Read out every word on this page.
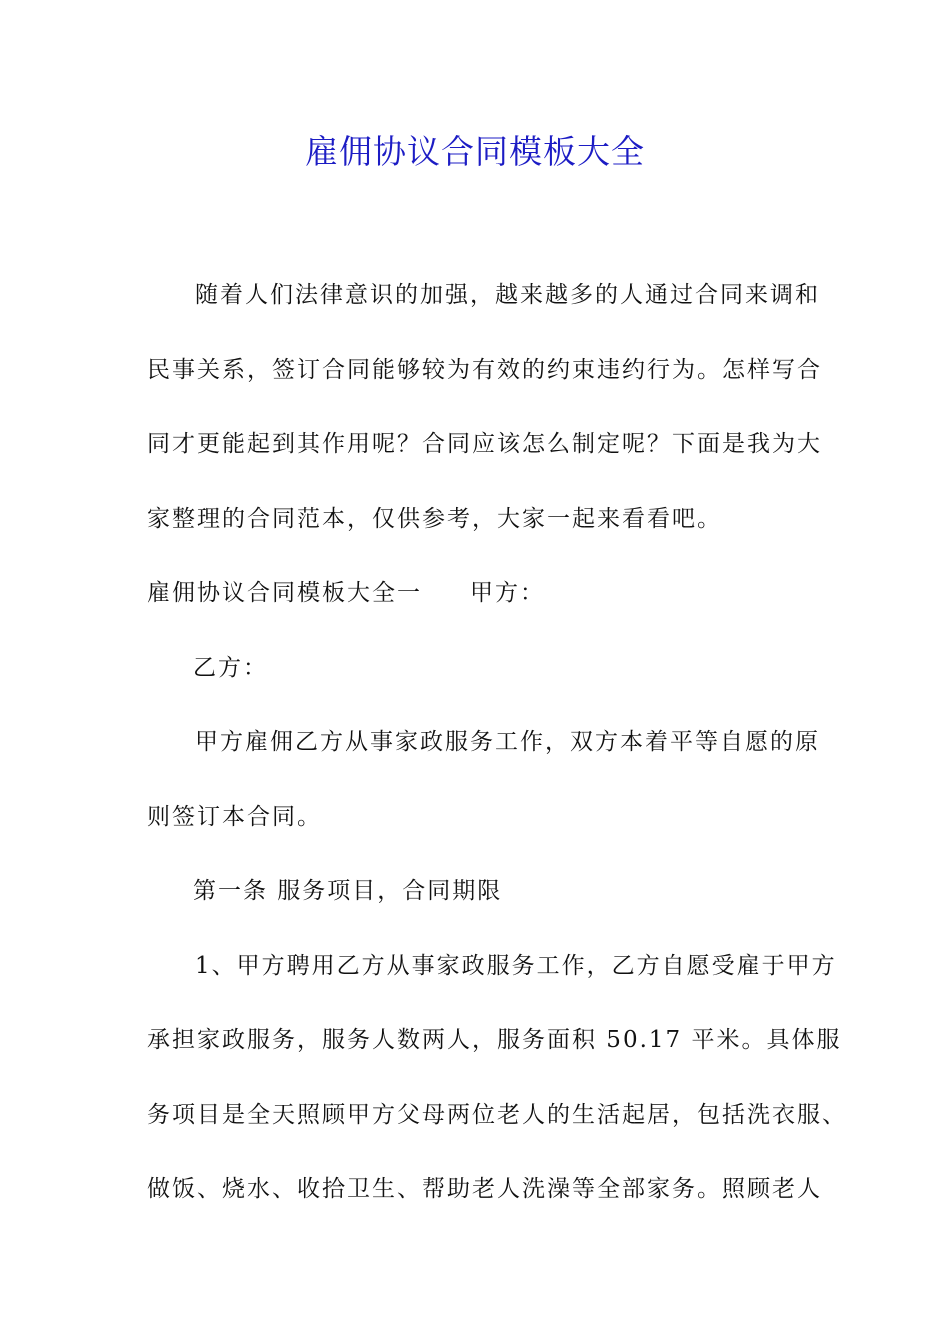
雇佣协议合同模板大全
随着人们法律意识的加强，越来越多的人通过合同来调和
民事关系，签订合同能够较为有效的约束违约行为。怎样写合
同才更能起到其作用呢？合同应该怎么制定呢？下面是我为大
家整理的合同范本，仅供参考，大家一起来看看吧。
雇佣协议合同模板大全一 甲方：
乙方：
甲方雇佣乙方从事家政服务工作，双方本着平等自愿的原
则签订本合同。
第一条 服务项目，合同期限
1、甲方聘用乙方从事家政服务工作，乙方自愿受雇于甲方
承担家政服务，服务人数两人，服务面积 50.17 平米。具体服
务项目是全天照顾甲方父母两位老人的生活起居，包括洗衣服、
做饭、烧水、收拾卫生、帮助老人洗澡等全部家务。照顾老人
